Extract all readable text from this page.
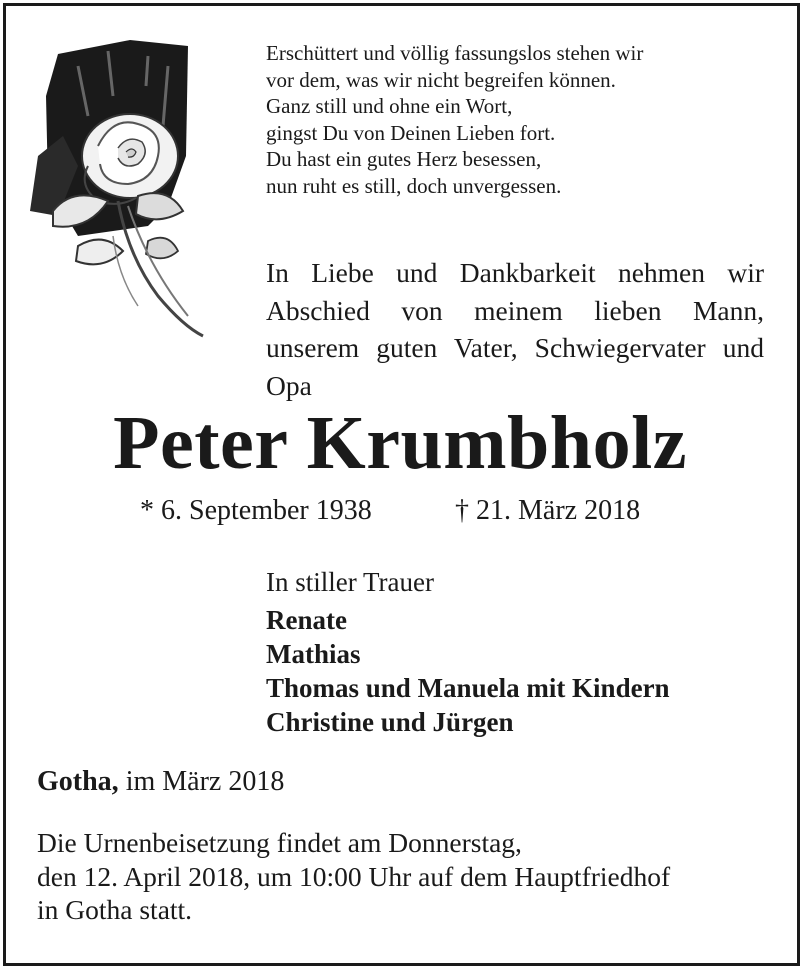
Erschüttert und völlig fassungslos stehen wir
vor dem, was wir nicht begreifen können.
Ganz still und ohne ein Wort,
gingst Du von Deinen Lieben fort.
Du hast ein gutes Herz besessen,
nun ruht es still, doch unvergessen.

In Liebe und Dankbarkeit nehmen wir Abschied von meinem lieben Mann, unserem guten Vater, Schwiegervater und Opa

Peter Krumbholz
* 6. September 1938	† 21. März 2018
In stiller Trauer
Renate
Mathias
Thomas und Manuela mit Kindern
Christine und Jürgen
Gotha, im März 2018
Die Urnenbeisetzung findet am Donnerstag,
den 12. April 2018, um 10:00 Uhr auf dem Hauptfriedhof
in Gotha statt.
